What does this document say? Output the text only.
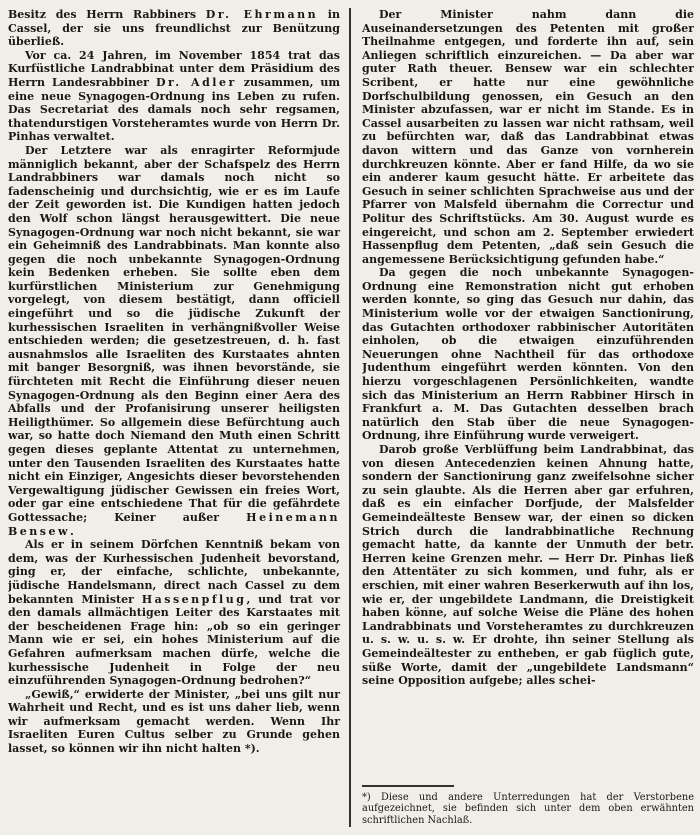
Besitz des Herrn Rabbiners Dr. Ehrmann in Cassel, der sie uns freundlichst zur Benützung überließ.

Vor ca. 24 Jahren, im November 1854 trat das Kurfüstliche Landrabbinat unter dem Präsidium des Herrn Landesrabbiner Dr. Adler zusammen, um eine neue Synagogen-Ordnung ins Leben zu rufen. Das Secretariat des damals noch sehr regsamen, thatendurstigen Vorsteheramtes wurde von Herrn Dr. Pinhas verwaltet.

Der Letztere war als enragirter Reformjude männiglich bekannt, aber der Schafspelz des Herrn Landrabbiners war damals noch nicht so fadenscheinig und durchsichtig, wie er es im Laufe der Zeit geworden ist. Die Kundigen hatten jedoch den Wolf schon längst herausgewittert. Die neue Synagogen-Ordnung war noch nicht bekannt, sie war ein Geheimniß des Landrabbinats. Man konnte also gegen die noch unbekannte Synagogen-Ordnung kein Bedenken erheben. Sie sollte eben dem kurfürstlichen Ministerium zur Genehmigung vorgelegt, von diesem bestätigt, dann officiell eingeführt und so die jüdische Zukunft der kurhessischen Israeliten in verhängnißvoller Weise entschieden werden; die gesetzestreuen, d. h. fast ausnahmslos alle Israeliten des Kurstaates ahnten mit banger Besorgniß, was ihnen bevorstände, sie fürchteten mit Recht die Einführung dieser neuen Synagogen-Ordnung als den Beginn einer Aera des Abfalls und der Profanisirung unserer heiligsten Heiligthümer. So allgemein diese Befürchtung auch war, so hatte doch Niemand den Muth einen Schritt gegen dieses geplante Attentat zu unternehmen, unter den Tausenden Israeliten des Kurstaates hatte nicht ein Einziger, Angesichts dieser bevorstehenden Vergewaltigung jüdischer Gewissen ein freies Wort, oder gar eine entschiedene That für die gefährdete Gottessache; Keiner außer Heinemann Bensew.

Als er in seinem Dörfchen Kenntniß bekam von dem, was der Kurhessischen Judenheit bevorstand, ging er, der einfache, schlichte, unbekannte, jüdische Handelsmann, direct nach Cassel zu dem bekannten Minister Hassenpflug, und trat vor den damals allmächtigen Leiter des Karstaates mit der bescheidenen Frage hin: „ob so ein geringer Mann wie er sei, ein hohes Ministerium auf die Gefahren aufmerksam machen dürfe, welche die kurhessische Judenheit in Folge der neu einzuführenden Synagogen-Ordnung bedrohen?“

„Gewiß,“ erwiderte der Minister, „bei uns gilt nur Wahrheit und Recht, und es ist uns daher lieb, wenn wir aufmerksam gemacht werden. Wenn Ihr Israeliten Euren Cultus selber zu Grunde gehen lasset, so können wir ihn nicht halten *).

Der Minister nahm dann die Auseinandersetzungen des Petenten mit großer Theilnahme entgegen, und forderte ihn auf, sein Anliegen schriftlich einzureichen. — Da aber war guter Rath theuer. Bensew war ein schlechter Scribent, er hatte nur eine gewöhnliche Dorfschulbildung genossen, ein Gesuch an den Minister abzufassen, war er nicht im Stande. Es in Cassel ausarbeiten zu lassen war nicht rathsam, weil zu befürchten war, daß das Landrabbinat etwas davon wittern und das Ganze von vornherein durchkreuzen könnte. Aber er fand Hilfe, da wo sie ein anderer kaum gesucht hätte. Er arbeitete das Gesuch in seiner schlichten Sprachweise aus und der Pfarrer von Malsfeld übernahm die Correctur und Politur des Schriftstücks. Am 30. August wurde es eingereicht, und schon am 2. September erwiedert Hassenpflug dem Petenten, „daß sein Gesuch die angemessene Berücksichtigung gefunden habe.“

Da gegen die noch unbekannte Synagogen-Ordnung eine Remonstration nicht gut erhoben werden konnte, so ging das Gesuch nur dahin, das Ministerium wolle vor der etwaigen Sanctionirung, das Gutachten orthodoxer rabbinischer Autoritäten einholen, ob die etwaigen einzuführenden Neuerungen ohne Nachtheil für das orthodoxe Judenthum eingeführt werden könnten. Von den hierzu vorgeschlagenen Persönlichkeiten, wandte sich das Ministerium an Herrn Rabbiner Hirsch in Frankfurt a. M. Das Gutachten desselben brach natürlich den Stab über die neue Synagogen-Ordnung, ihre Einführung wurde verweigert.

Darob große Verblüffung beim Landrabbinat, das von diesen Antecedenzien keinen Ahnung hatte, sondern der Sanctionirung ganz zweifelsohne sicher zu sein glaubte. Als die Herren aber gar erfuhren, daß es ein einfacher Dorfjude, der Malsfelder Gemeindeälteste Bensew war, der einen so dicken Strich durch die landrabbinatliche Rechnung gemacht hatte, da kannte der Unmuth der betr. Herren keine Grenzen mehr. — Herr Dr. Pinhas ließ den Attentäter zu sich kommen, und fuhr, als er erschien, mit einer wahren Beserkerwuth auf ihn los, wie er, der ungebildete Landmann, die Dreistigkeit haben könne, auf solche Weise die Pläne des hohen Landrabbinats und Vorsteheramtes zu durchkreuzen u. s. w. u. s. w. Er drohte, ihn seiner Stellung als Gemeindeältester zu entheben, er gab füglich gute, süße Worte, damit der „ungebildete Landsmann“ seine Opposition aufgebe; alles schei-

*) Diese und andere Unterredungen hat der Verstorbene aufgezeichnet, sie befinden sich unter dem oben erwähnten schriftlichen Nachlaß.
